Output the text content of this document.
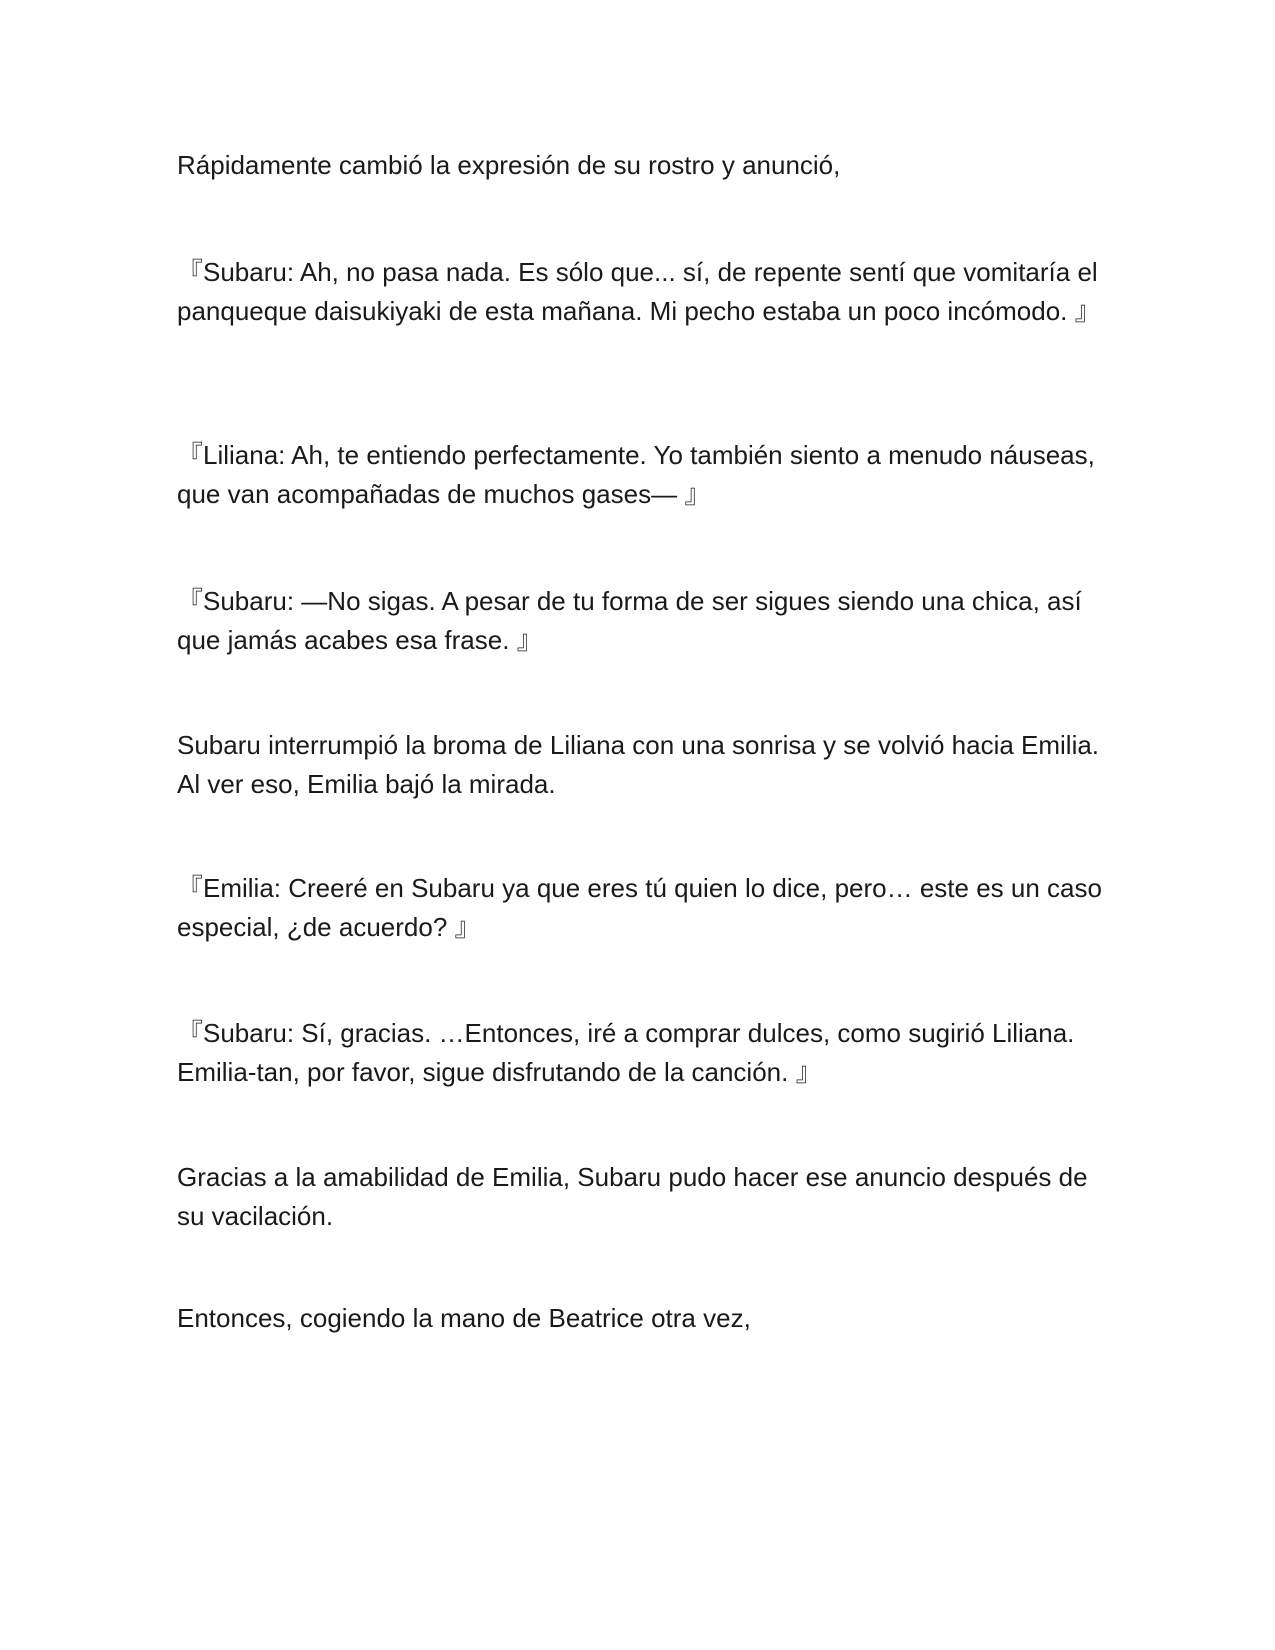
Rápidamente cambió la expresión de su rostro y anunció,

『Subaru: Ah, no pasa nada. Es sólo que... sí, de repente sentí que vomitaría el panqueque daisukiyaki de esta mañana. Mi pecho estaba un poco incómodo. 』

『Liliana: Ah, te entiendo perfectamente. Yo también siento a menudo náuseas, que van acompañadas de muchos gases— 』

『Subaru: —No sigas. A pesar de tu forma de ser sigues siendo una chica, así que jamás acabes esa frase. 』

Subaru interrumpió la broma de Liliana con una sonrisa y se volvió hacia Emilia. Al ver eso, Emilia bajó la mirada.

『Emilia: Creeré en Subaru ya que eres tú quien lo dice, pero… este es un caso especial, ¿de acuerdo? 』

『Subaru: Sí, gracias. …Entonces, iré a comprar dulces, como sugirió Liliana. Emilia-tan, por favor, sigue disfrutando de la canción. 』

Gracias a la amabilidad de Emilia, Subaru pudo hacer ese anuncio después de su vacilación.

Entonces, cogiendo la mano de Beatrice otra vez,
